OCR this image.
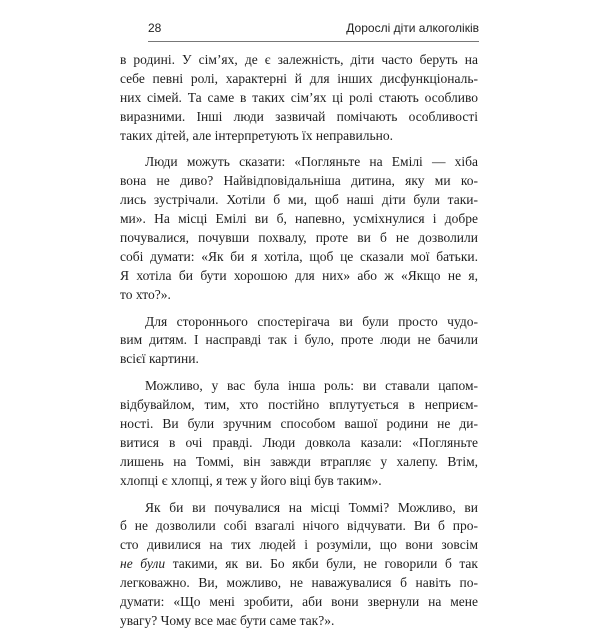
28	Дорослі діти алкоголіків
в родині. У сім’ях, де є залежність, діти часто беруть на
себе певні ролі, характерні й для інших дисфункціональ-
них сімей. Та саме в таких сім’ях ці ролі стають особливо
виразними. Інші люди зазвичай помічають особливості
таких дітей, але інтерпретують їх неправильно.
Люди можуть сказати: «Погляньте на Емілі — хіба
вона не диво? Найвідповідальніша дитина, яку ми ко-
лись зустрічали. Хотіли б ми, щоб наші діти були таки-
ми». На місці Емілі ви б, напевно, усміхнулися і добре
почувалися, почувши похвалу, проте ви б не дозволили
собі думати: «Як би я хотіла, щоб це сказали мої батьки.
Я хотіла би бути хорошою для них» або ж «Якщо не я,
то хто?».
Для стороннього спостерігача ви були просто чудо-
вим дитям. І насправді так і було, проте люди не бачили
всієї картини.
Можливо, у вас була інша роль: ви ставали цапом-
відбувайлом, тим, хто постійно вплутується в неприєм-
ності. Ви були зручним способом вашої родини не ди-
витися в очі правді. Люди довкола казали: «Погляньте
лишень на Томмі, він завжди втрапляє у халепу. Втім,
хлопці є хлопці, я теж у його віці був таким».
Як би ви почувалися на місці Томмі? Можливо, ви
б не дозволили собі взагалі нічого відчувати. Ви б про-
сто дивилися на тих людей і розуміли, що вони зовсім
не були такими, як ви. Бо якби були, не говорили б так
легковажно. Ви, можливо, не наважувалися б навіть по-
думати: «Що мені зробити, аби вони звернули на мене
увагу? Чому все має бути саме так?».
